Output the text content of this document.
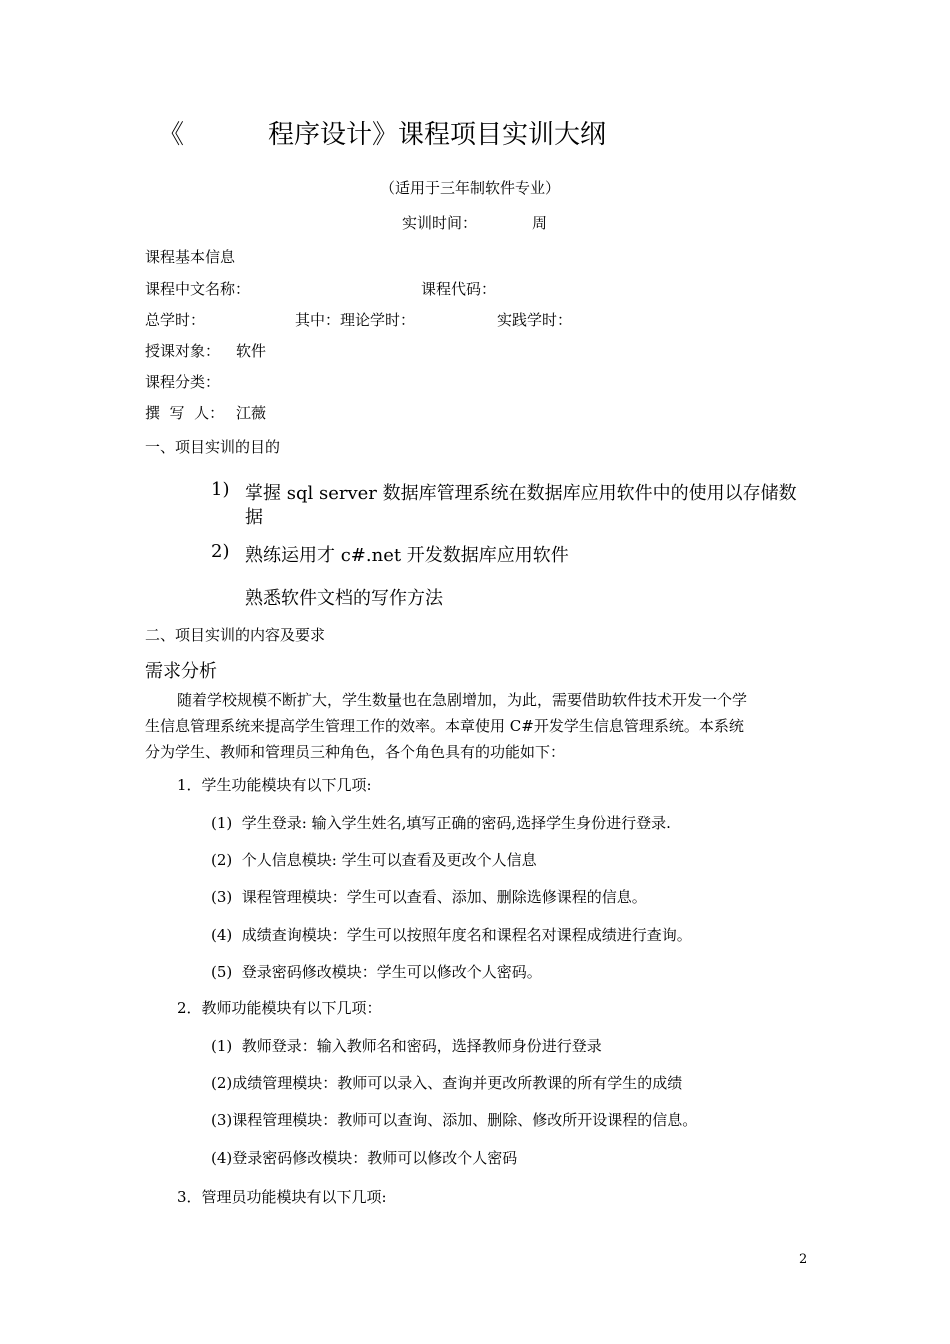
《	程序设计》课程项目实训大纲
（适用于三年制软件专业）
实训时间：	周
课程基本信息
课程中文名称：	课程代码：
总学时：	其中：理论学时：	实践学时：
授课对象： 软件
课程分类：
撰  写  人： 江薇
一、项目实训的目的
1) 掌握 sql server 数据库管理系统在数据库应用软件中的使用以存储数
据
2) 熟练运用才 c#.net 开发数据库应用软件
熟悉软件文档的写作方法
二、项目实训的内容及要求
需求分析
随着学校规模不断扩大，学生数量也在急剧增加，为此，需要借助软件技术开发一个学
生信息管理系统来提高学生管理工作的效率。本章使用 C#开发学生信息管理系统。本系统
分为学生、教师和管理员三种角色，各个角色具有的功能如下：
1．学生功能模块有以下几项:
(1)  学生登录: 输入学生姓名,填写正确的密码,选择学生身份进行登录.
(2)  个人信息模块: 学生可以查看及更改个人信息
(3)  课程管理模块：学生可以查看、添加、删除选修课程的信息。
(4)  成绩查询模块：学生可以按照年度名和课程名对课程成绩进行查询。
(5)  登录密码修改模块：学生可以修改个人密码。
2．教师功能模块有以下几项：
(1)  教师登录：输入教师名和密码，选择教师身份进行登录
(2)成绩管理模块：教师可以录入、查询并更改所教课的所有学生的成绩
(3)课程管理模块：教师可以查询、添加、删除、修改所开设课程的信息。
(4)登录密码修改模块：教师可以修改个人密码
3．管理员功能模块有以下几项:
2
